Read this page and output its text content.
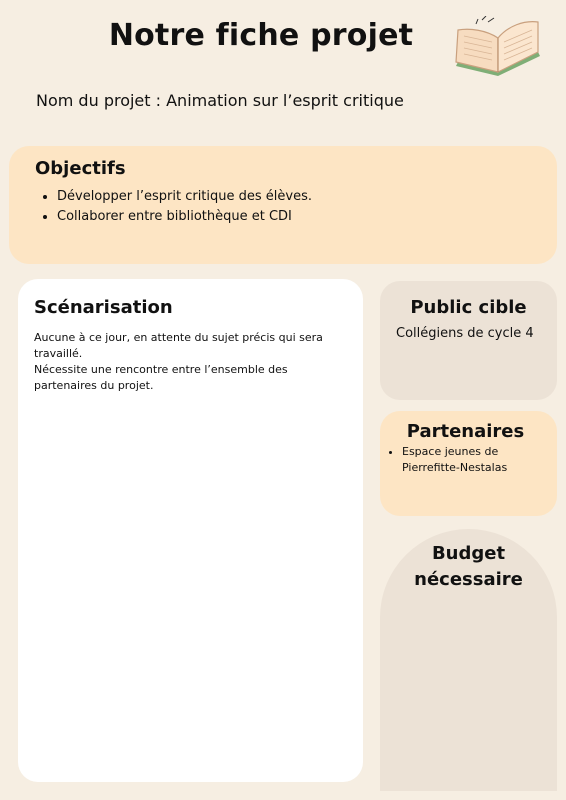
Notre fiche projet
Nom du projet : Animation sur l’esprit critique
Objectifs
• Développer l’esprit critique des élèves.
• Collaborer entre bibliothèque et CDI
Scénarisation
Aucune à ce jour, en attente du sujet précis qui sera travaillé.
Nécessite une rencontre entre l’ensemble des partenaires du projet.
Public cible
Collégiens de cycle 4
Partenaires
• Espace jeunes de Pierrefitte-Nestalas
Budget
nécessaire
